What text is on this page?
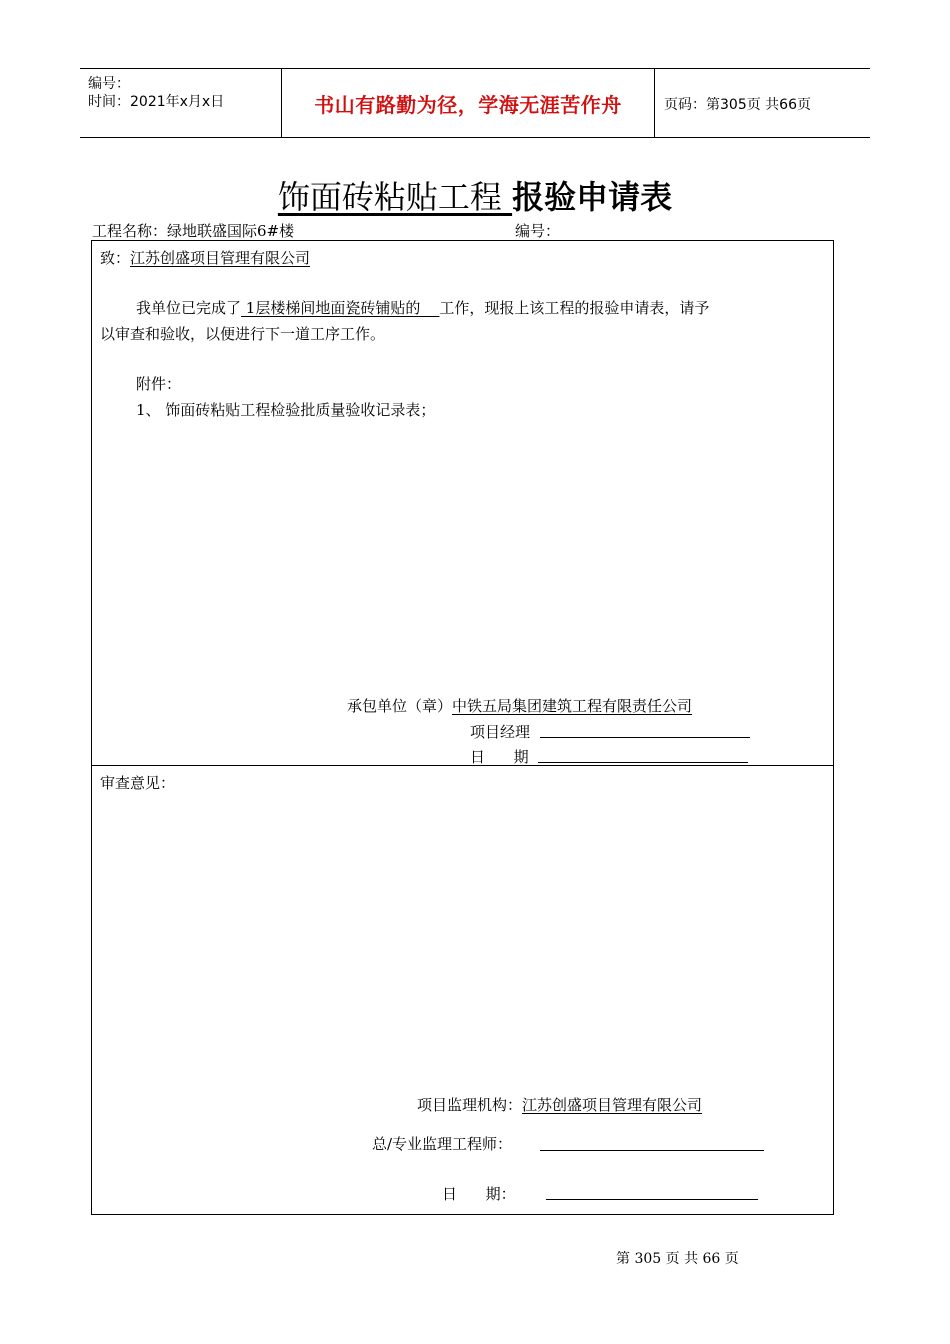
编号：
时间：2021年x月x日	书山有路勤为径，学海无涯苦作舟	页码：第305页 共66页
饰面砖粘贴工程 报验申请表
工程名称：绿地联盛国际6#楼	编号：
致：江苏创盛项目管理有限公司
我单位已完成了 1层楼梯间地面瓷砖铺贴的    工作，现报上该工程的报验申请表，请予
以审查和验收，以便进行下一道工序工作。
附件：
1、 饰面砖粘贴工程检验批质量验收记录表；
承包单位（章）中铁五局集团建筑工程有限责任公司
项目经理
日      期
审查意见：
项目监理机构：江苏创盛项目管理有限公司
总/专业监理工程师：
日      期：
第 305 页 共 66 页
